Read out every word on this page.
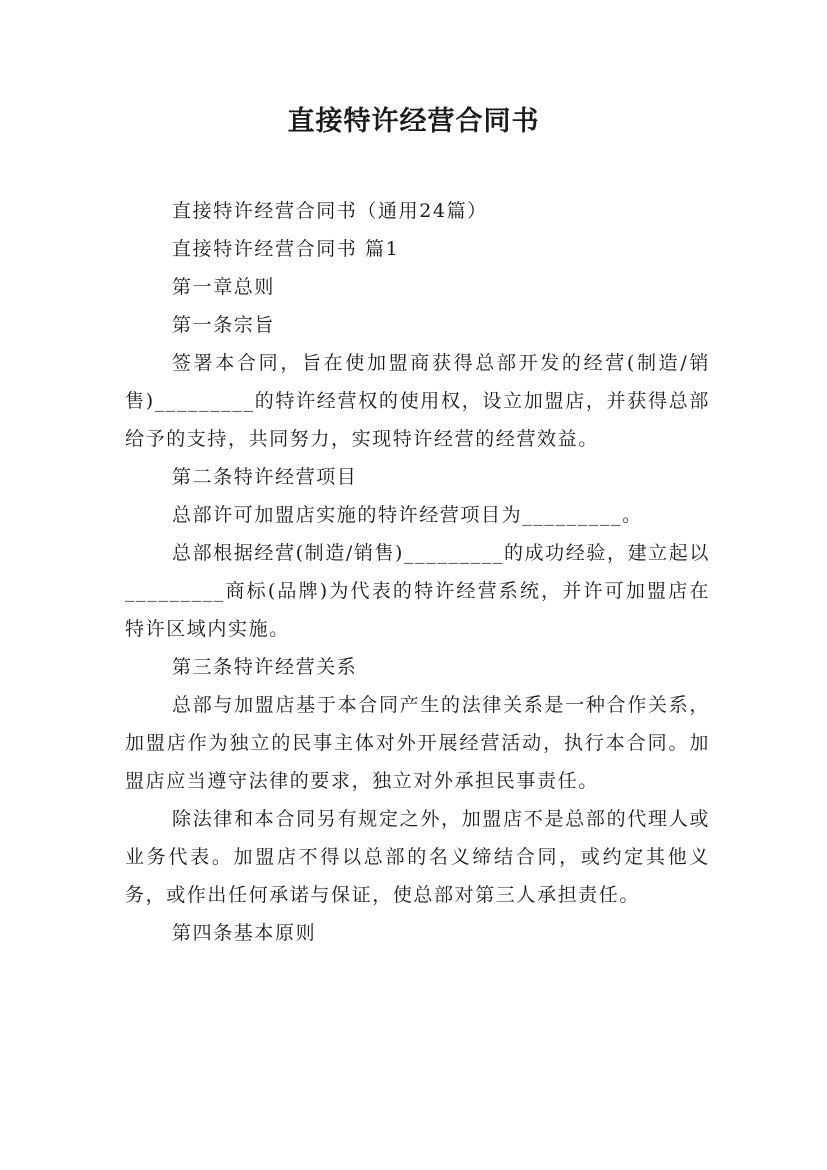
直接特许经营合同书

直接特许经营合同书（通用24篇）

直接特许经营合同书 篇1

第一章总则

第一条宗旨

签署本合同，旨在使加盟商获得总部开发的经营(制造/销售)_________的特许经营权的使用权，设立加盟店，并获得总部给予的支持，共同努力，实现特许经营的经营效益。

第二条特许经营项目

总部许可加盟店实施的特许经营项目为_________。

总部根据经营(制造/销售)_________的成功经验，建立起以_________商标(品牌)为代表的特许经营系统，并许可加盟店在特许区域内实施。

第三条特许经营关系

总部与加盟店基于本合同产生的法律关系是一种合作关系，加盟店作为独立的民事主体对外开展经营活动，执行本合同。加盟店应当遵守法律的要求，独立对外承担民事责任。

除法律和本合同另有规定之外，加盟店不是总部的代理人或业务代表。加盟店不得以总部的名义缔结合同，或约定其他义务，或作出任何承诺与保证，使总部对第三人承担责任。

第四条基本原则
